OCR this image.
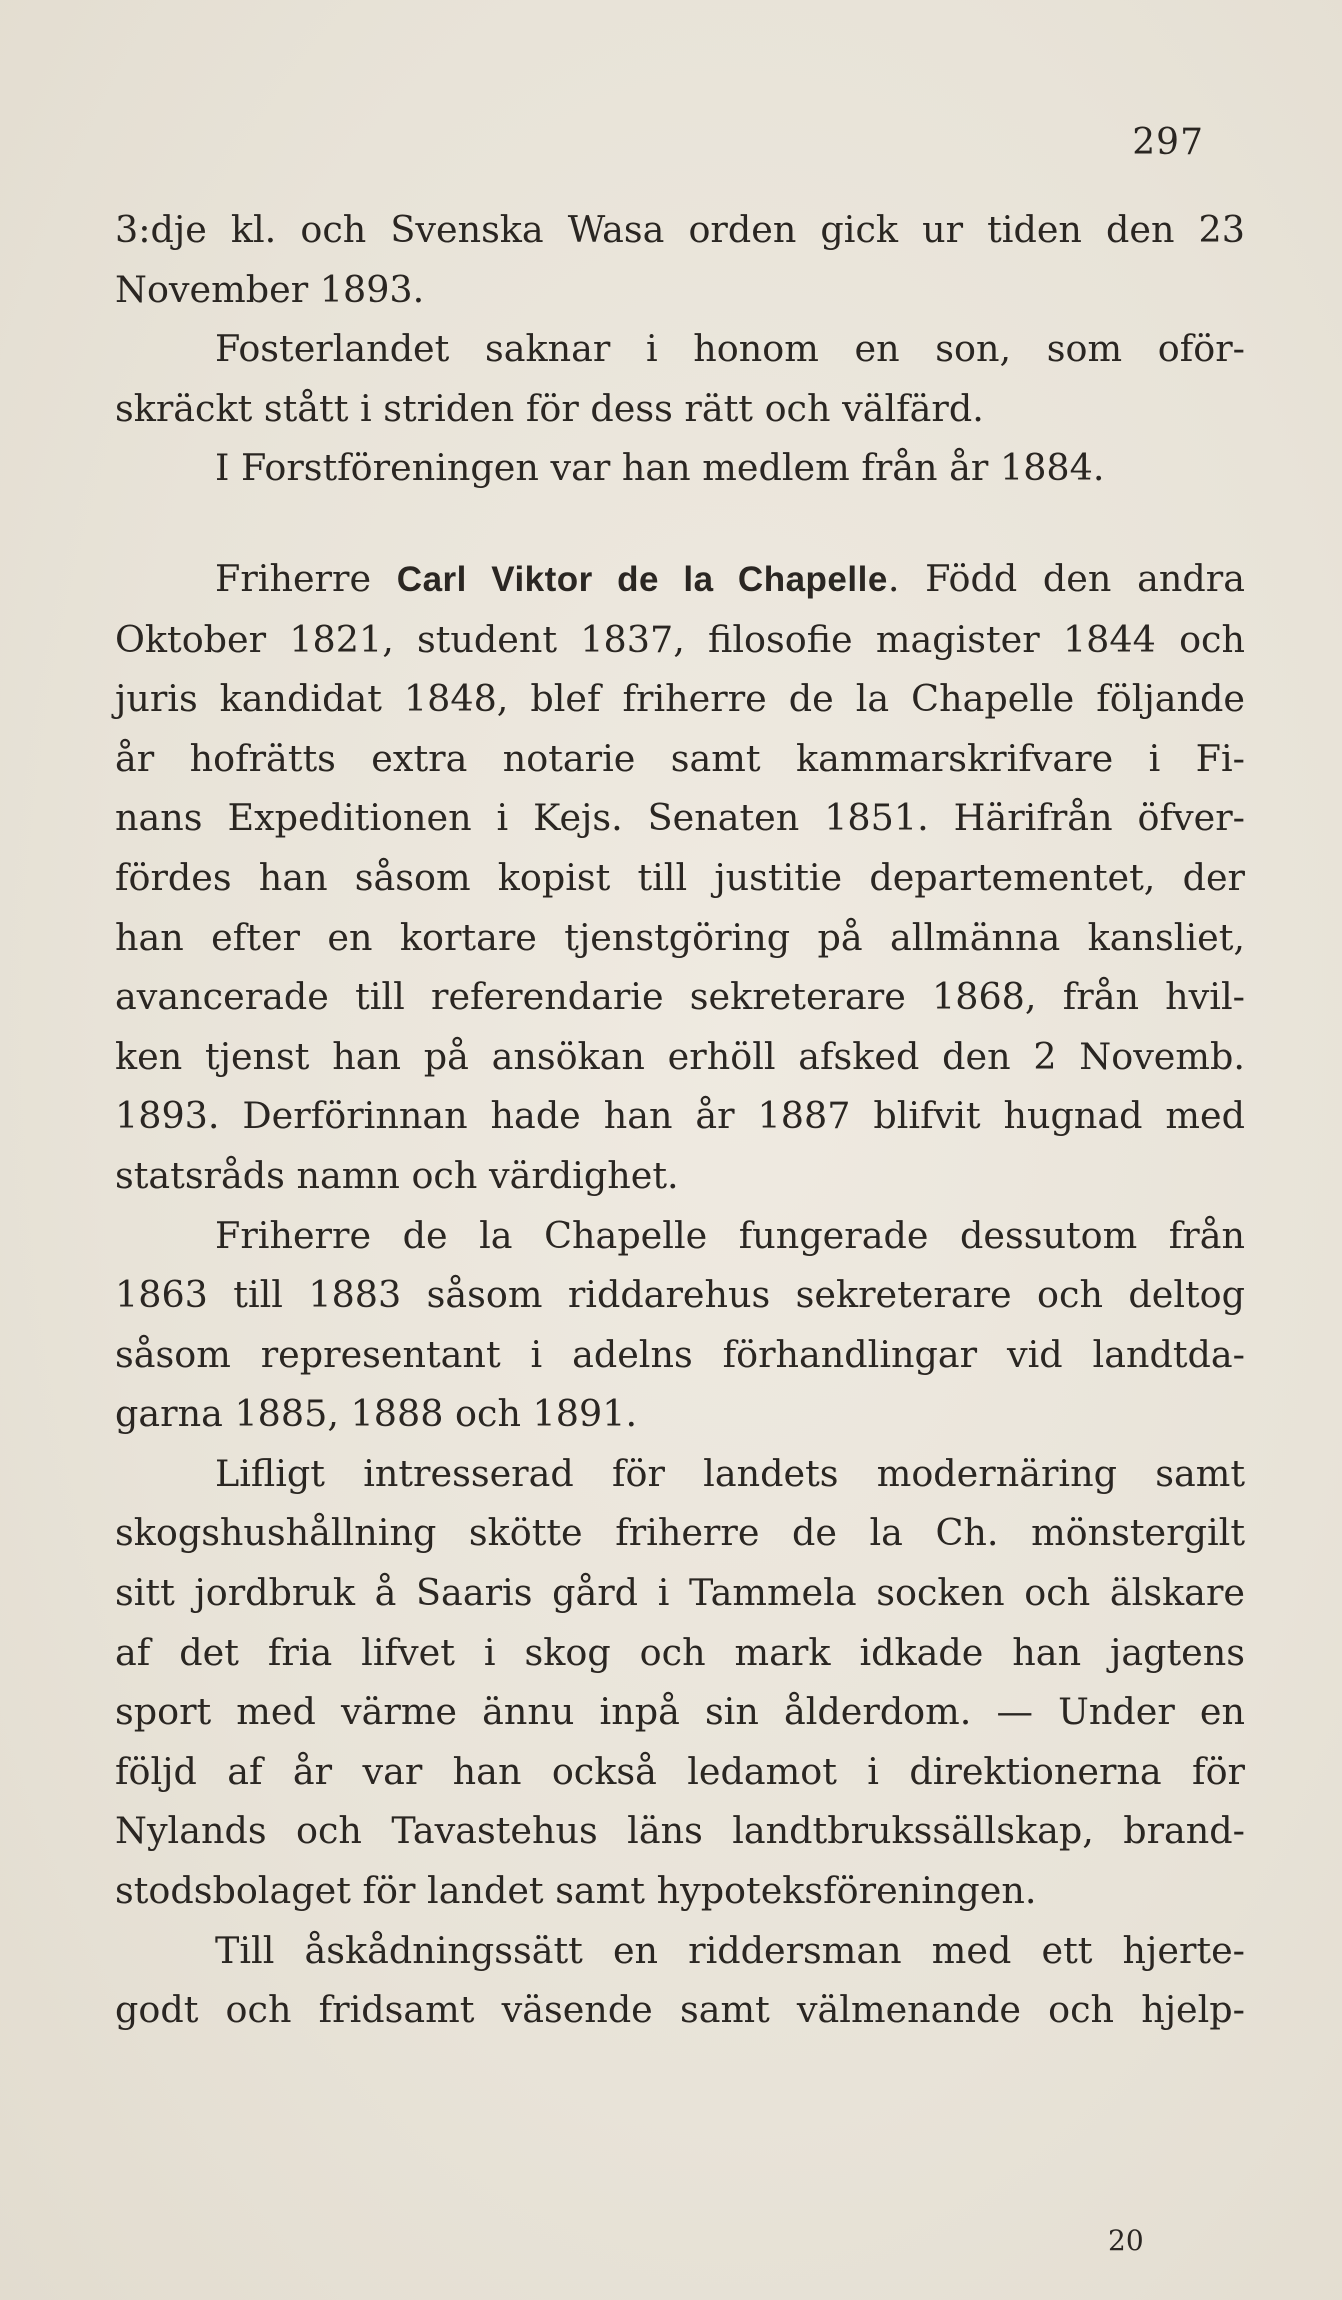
297

3:dje kl. och Svenska Wasa orden gick ur tiden den 23
November 1893.

Fosterlandet saknar i honom en son, som oför-
skräckt stått i striden för dess rätt och välfärd.

I Forstföreningen var han medlem från år 1884.

Friherre Carl Viktor de la Chapelle. Född den andra
Oktober 1821, student 1837, filosofie magister 1844 och
juris kandidat 1848, blef friherre de la Chapelle följande
år hofrätts extra notarie samt kammarskrifvare i Fi-
nans Expeditionen i Kejs. Senaten 1851. Härifrån öfver-
fördes han såsom kopist till justitie departementet, der
han efter en kortare tjenstgöring på allmänna kansliet,
avancerade till referendarie sekreterare 1868, från hvil-
ken tjenst han på ansökan erhöll afsked den 2 Novemb.
1893. Derförinnan hade han år 1887 blifvit hugnad med
statsråds namn och värdighet.

Friherre de la Chapelle fungerade dessutom från
1863 till 1883 såsom riddarehus sekreterare och deltog
såsom representant i adelns förhandlingar vid landtda-
garna 1885, 1888 och 1891.

Lifligt intresserad för landets modernäring samt
skogshushållning skötte friherre de la Ch. mönstergilt
sitt jordbruk å Saaris gård i Tammela socken och älskare
af det fria lifvet i skog och mark idkade han jagtens
sport med värme ännu inpå sin ålderdom. — Under en
följd af år var han också ledamot i direktionerna för
Nylands och Tavastehus läns landtbrukssällskap, brand-
stodsbolaget för landet samt hypoteksföreningen.

Till åskådningssätt en riddersman med ett hjerte-
godt och fridsamt väsende samt välmenande och hjelp-

20
